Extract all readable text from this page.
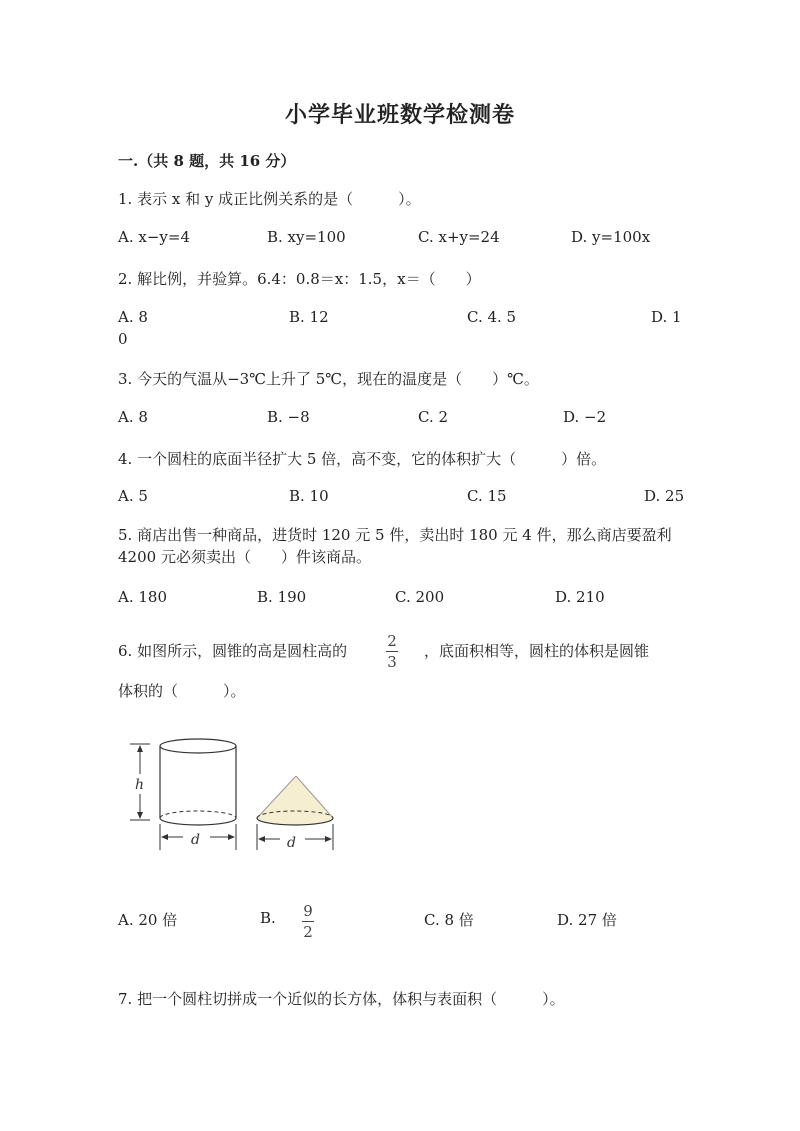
小学毕业班数学检测卷
一.（共 8 题，共 16 分）
1. 表示 x 和 y 成正比例关系的是（　　　）。
A. x−y=4	B. xy=100	C. x+y=24	D. y=100x
2. 解比例，并验算。6.4：0.8＝x：1.5，x＝（　　）
A. 8	B. 12	C. 4. 5	D. 1
0
3. 今天的气温从−3℃上升了 5℃，现在的温度是（　　）℃。
A. 8	B. −8	C. 2	D. −2
4. 一个圆柱的底面半径扩大 5 倍，高不变，它的体积扩大（　　　）倍。
A. 5	B. 10	C. 15	D. 25
5. 商店出售一种商品，进货时 120 元 5 件，卖出时 180 元 4 件，那么商店要盈利 4200 元必须卖出（　　）件该商品。
A. 180	B. 190	C. 200	D. 210
6. 如图所示，圆锥的高是圆柱高的
2
3
，底面积相等，圆柱的体积是圆锥
体积的（　　　）。
h
d	d
A. 20 倍	B. 9
2
C. 8 倍	D. 27 倍
7. 把一个圆柱切拼成一个近似的长方体，体积与表面积（　　　）。
